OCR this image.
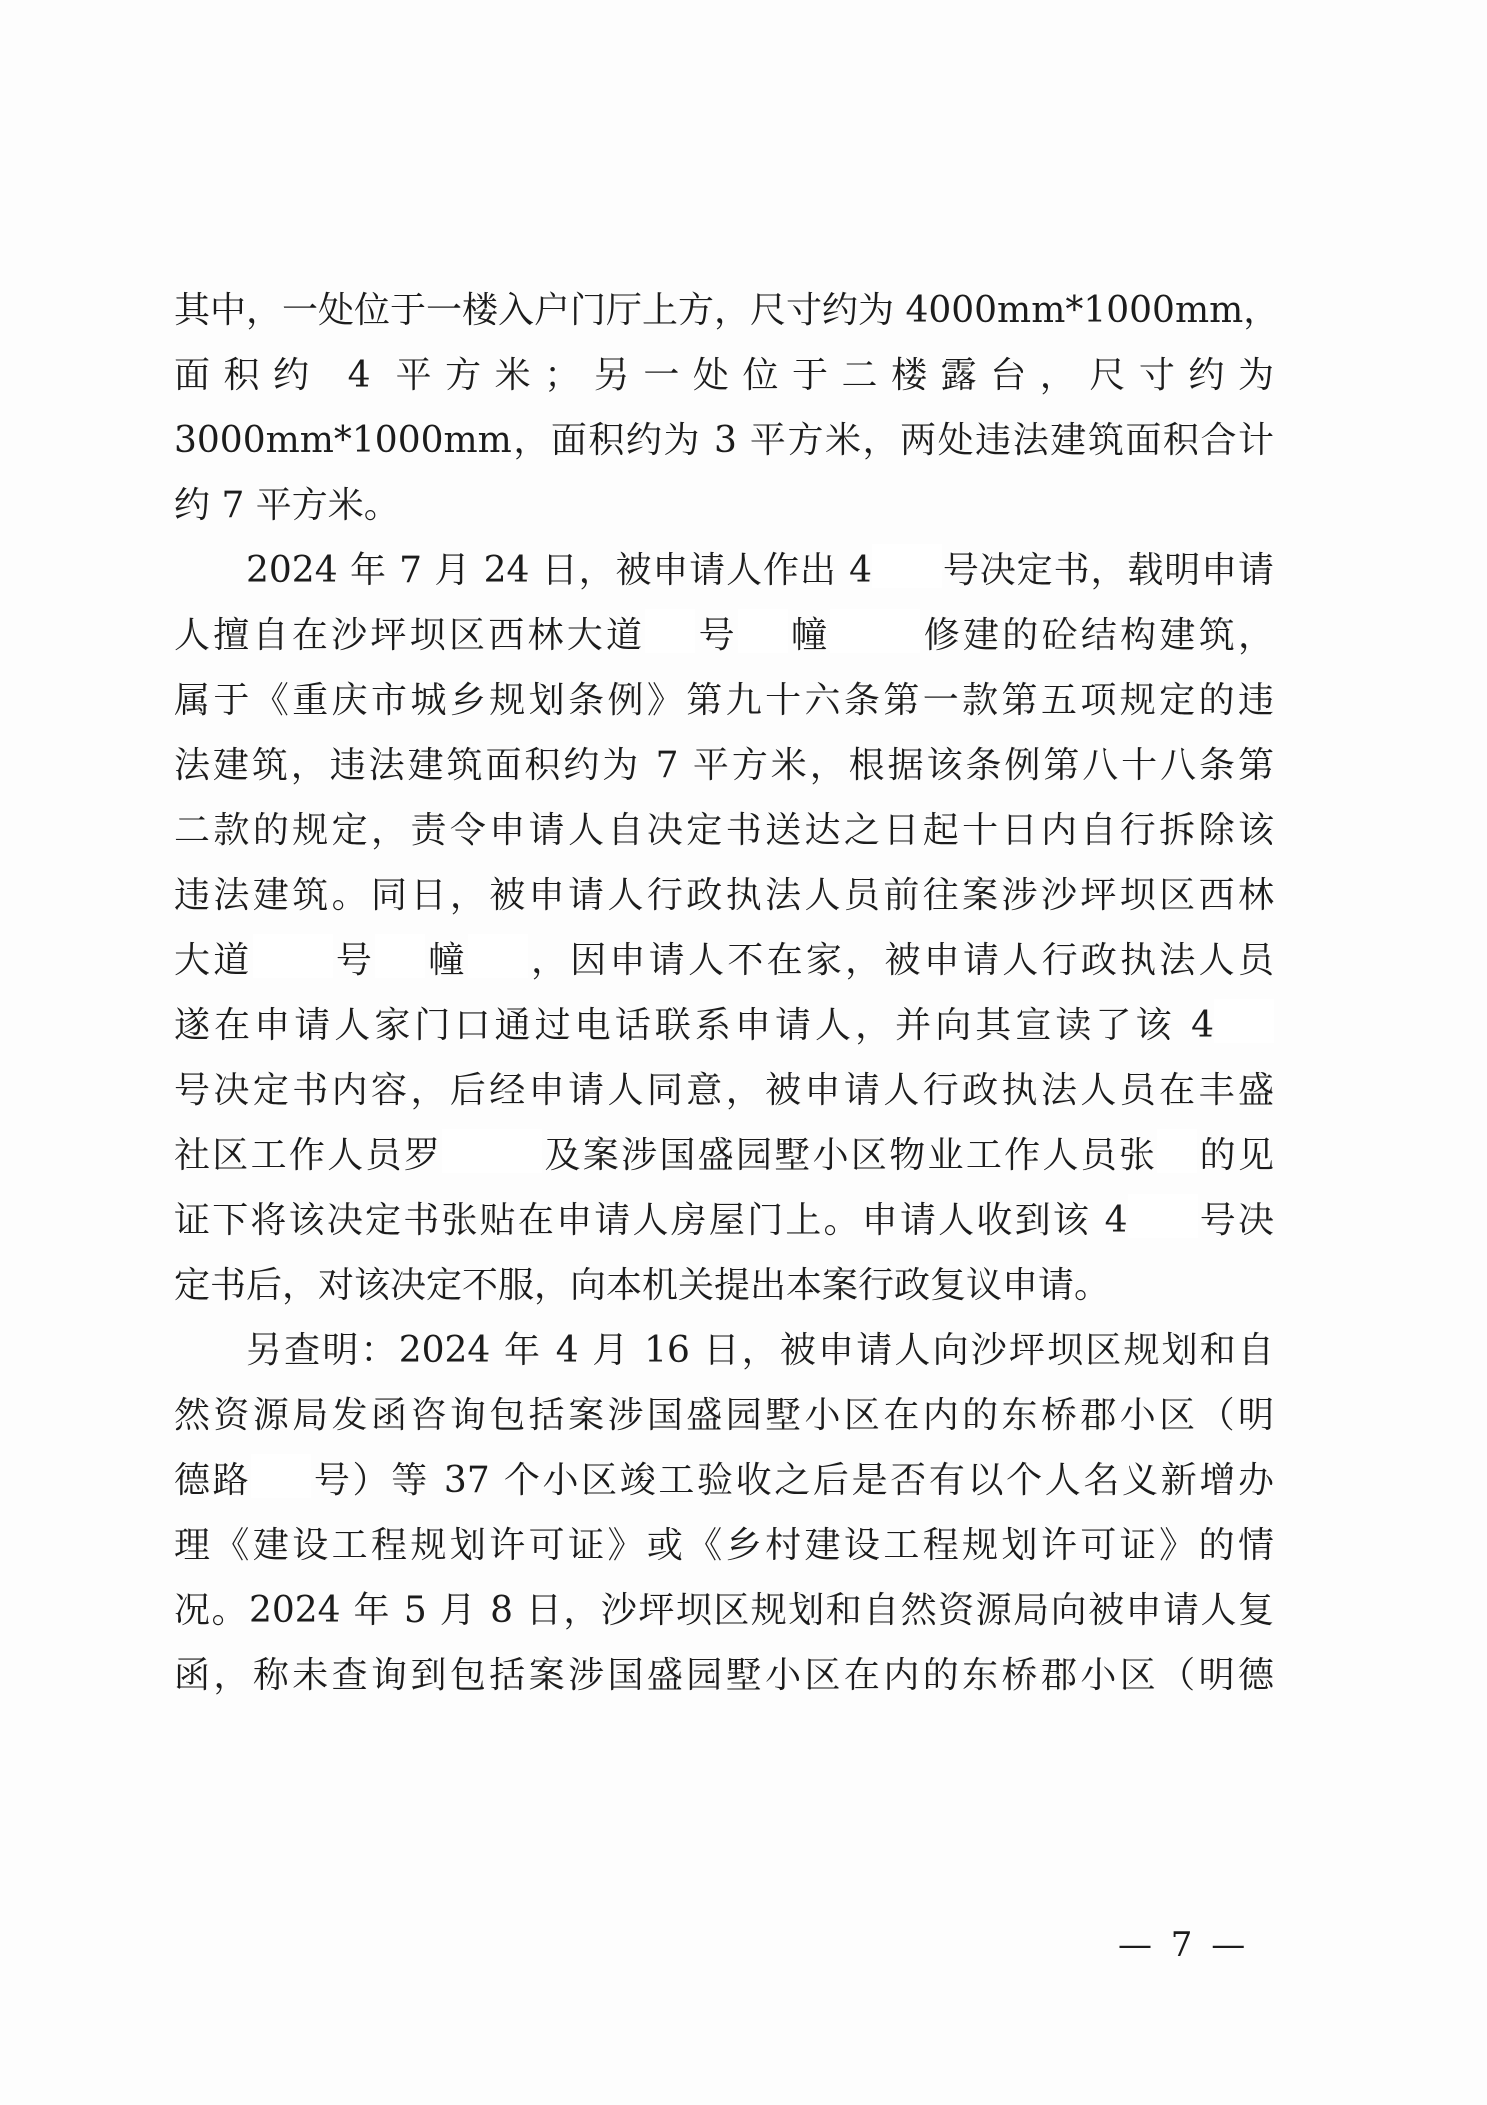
其中，一处位于一楼入户门厅上方，尺寸约为 4000mm*1000mm，
面积约 4 平方米；另一处位于二楼露台，尺寸约为
3000mm*1000mm，面积约为 3 平方米，两处违法建筑面积合计
约 7 平方米。
2024 年 7 月 24 日，被申请人作出 4 号决定书，载明申请
人擅自在沙坪坝区西林大道 号 幢	修建的砼结构建筑，
属于《重庆市城乡规划条例》第九十六条第一款第五项规定的违
法建筑，违法建筑面积约为 7 平方米，根据该条例第八十八条第
二款的规定，责令申请人自决定书送达之日起十日内自行拆除该
违法建筑。同日，被申请人行政执法人员前往案涉沙坪坝区西林
大道 号 幢 ，因申请人不在家，被申请人行政执法人员
遂在申请人家门口通过电话联系申请人，并向其宣读了该 4
号决定书内容，后经申请人同意，被申请人行政执法人员在丰盛
社区工作人员罗	及案涉国盛园墅小区物业工作人员张 的见
证下将该决定书张贴在申请人房屋门上。申请人收到该 4 号决
定书后，对该决定不服，向本机关提出本案行政复议申请。
另查明：2024 年 4 月 16 日，被申请人向沙坪坝区规划和自
然资源局发函咨询包括案涉国盛园墅小区在内的东桥郡小区（明
德路 号）等 37 个小区竣工验收之后是否有以个人名义新增办
理《建设工程规划许可证》或《乡村建设工程规划许可证》的情
况。2024 年 5 月 8 日，沙坪坝区规划和自然资源局向被申请人复
函，称未查询到包括案涉国盛园墅小区在内的东桥郡小区（明德
— 7 —
